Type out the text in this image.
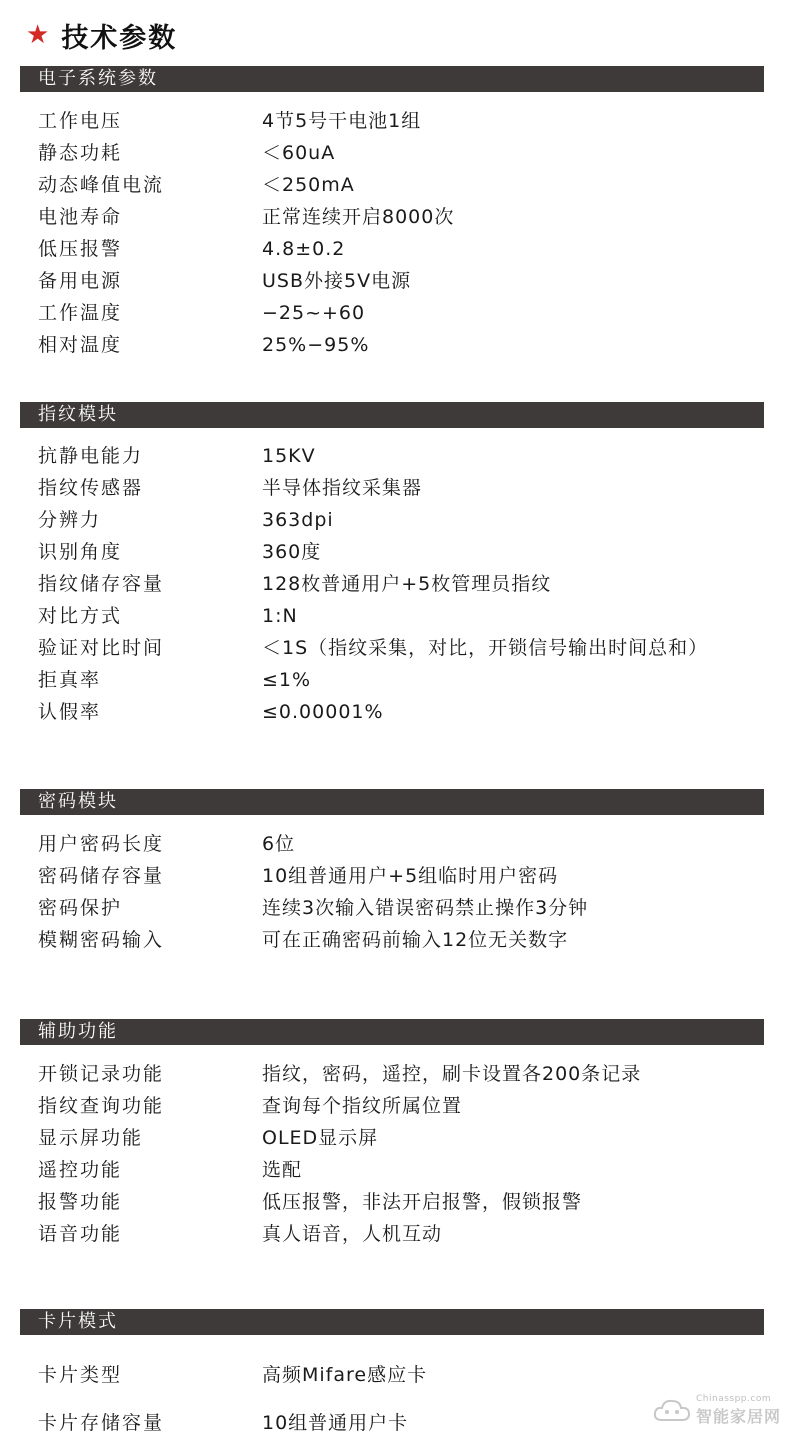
★ 技术参数
电子系统参数
工作电压	4节5号干电池1组
静态功耗	＜60uA
动态峰值电流	＜250mA
电池寿命	正常连续开启8000次
低压报警	4.8±0.2
备用电源	USB外接5V电源
工作温度	−25~+60
相对温度	25%−95%
指纹模块
抗静电能力	15KV
指纹传感器	半导体指纹采集器
分辨力	363dpi
识别角度	360度
指纹储存容量	128枚普通用户+5枚管理员指纹
对比方式	1:N
验证对比时间	＜1S（指纹采集，对比，开锁信号输出时间总和）
拒真率	≤1%
认假率	≤0.00001%
密码模块
用户密码长度	6位
密码储存容量	10组普通用户+5组临时用户密码
密码保护	连续3次输入错误密码禁止操作3分钟
模糊密码输入	可在正确密码前输入12位无关数字
辅助功能
开锁记录功能	指纹，密码，遥控，刷卡设置各200条记录
指纹查询功能	查询每个指纹所属位置
显示屏功能	OLED显示屏
遥控功能	选配
报警功能	低压报警，非法开启报警，假锁报警
语音功能	真人语音，人机互动
卡片模式
卡片类型	高频Mifare感应卡
卡片存储容量	10组普通用户卡
Chinasspp.com
智能家居网
